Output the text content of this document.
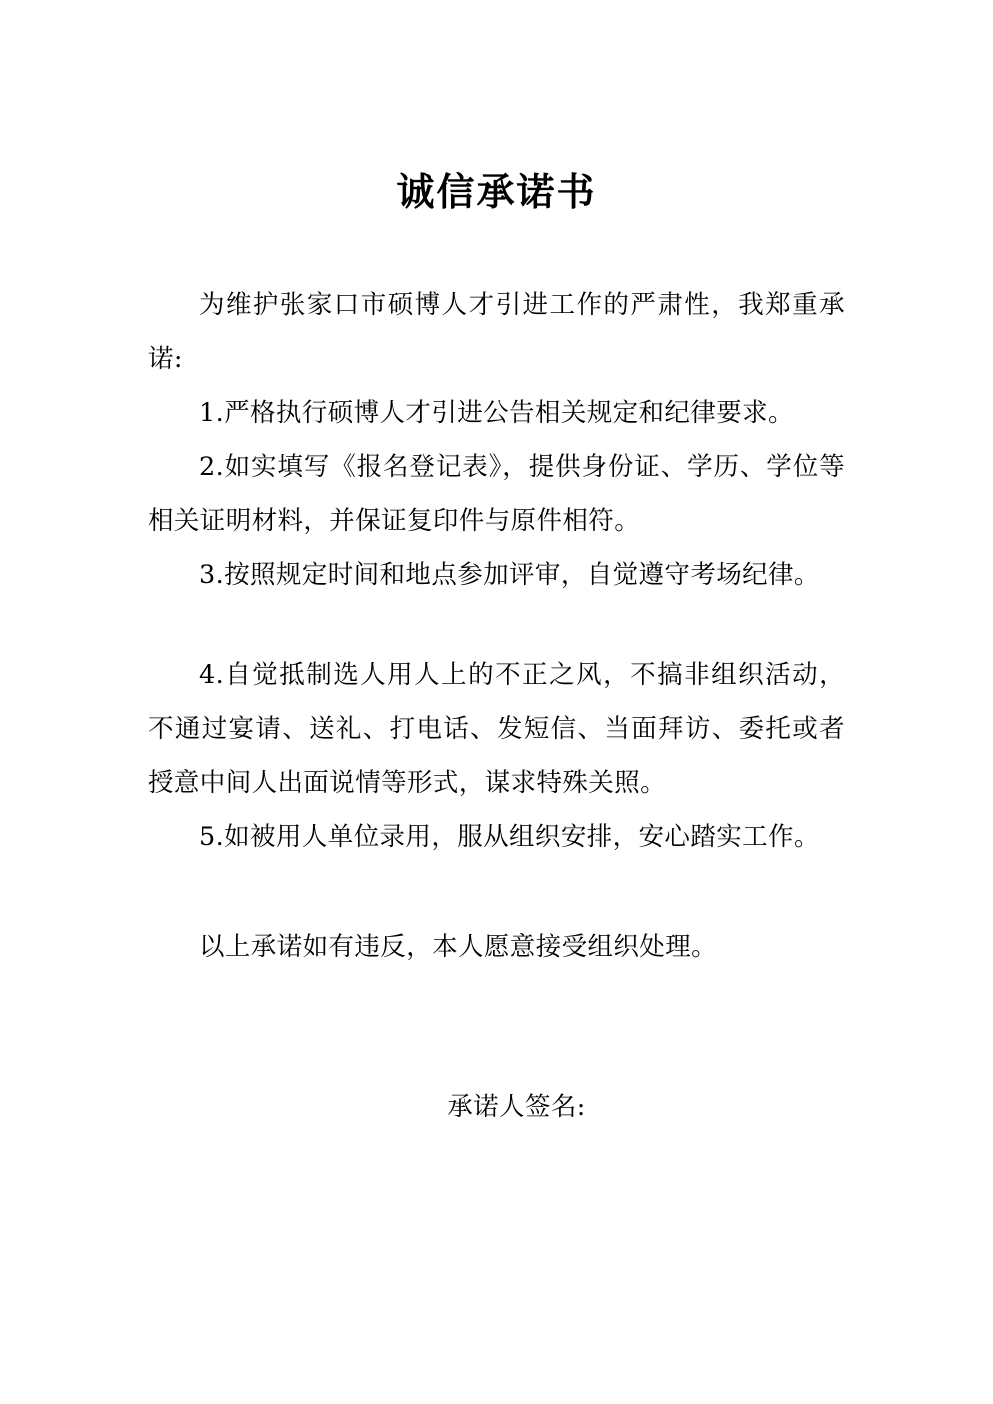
诚信承诺书

为维护张家口市硕博人才引进工作的严肃性，我郑重承诺:

1.严格执行硕博人才引进公告相关规定和纪律要求。

2.如实填写《报名登记表》，提供身份证、学历、学位等相关证明材料，并保证复印件与原件相符。

3.按照规定时间和地点参加评审，自觉遵守考场纪律。

4.自觉抵制选人用人上的不正之风，不搞非组织活动，不通过宴请、送礼、打电话、发短信、当面拜访、委托或者授意中间人出面说情等形式，谋求特殊关照。

5.如被用人单位录用，服从组织安排，安心踏实工作。

以上承诺如有违反，本人愿意接受组织处理。

承诺人签名:
